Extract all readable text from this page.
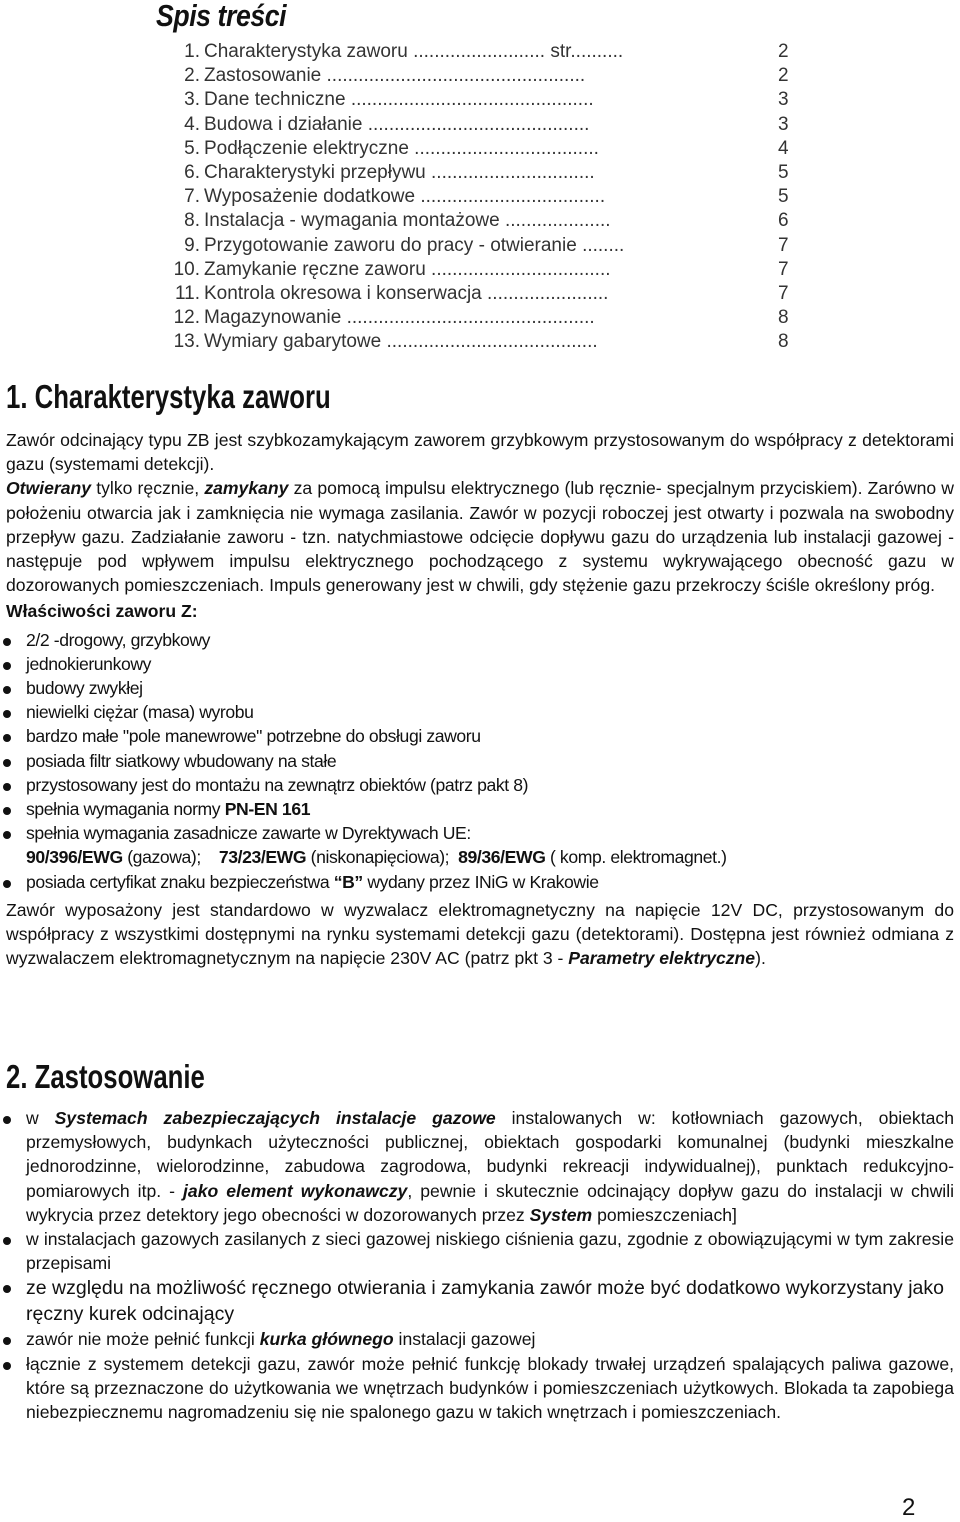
Spis treści
1. Charakterystyka zaworu ......................... str..........	2
2. Zastosowanie .................................................	2
3. Dane techniczne ..............................................	3
4. Budowa i działanie ..........................................	3
5. Podłączenie elektryczne ...................................	4
6. Charakterystyki przepływu ...............................	5
7. Wyposażenie dodatkowe ...................................	5
8. Instalacja - wymagania montażowe ....................	6
9. Przygotowanie zaworu do pracy - otwieranie ........	7
10. Zamykanie ręczne zaworu ..................................	7
11. Kontrola okresowa i konserwacja .......................	7
12. Magazynowanie ...............................................	8
13. Wymiary gabarytowe ........................................	8
1. Charakterystyka zaworu

Zawór odcinający typu ZB jest szybkozamykającym zaworem grzybkowym przystosowanym do współpracy z detektorami gazu (systemami detekcji).

Otwierany tylko ręcznie, zamykany za pomocą impulsu elektrycznego (lub ręcznie- specjalnym przyciskiem). Zarówno w położeniu otwarcia jak i zamknięcia nie wymaga zasilania. Zawór w pozycji roboczej jest otwarty i pozwala na swobodny przepływ gazu. Zadziałanie zaworu - tzn. natychmiastowe odcięcie dopływu gazu do urządzenia lub instalacji gazowej - następuje pod wpływem impulsu elektrycznego pochodzącego z systemu wykrywającego obecność gazu w dozorowanych pomieszczeniach. Impuls generowany jest w chwili, gdy stężenie gazu przekroczy ściśle określony próg.

Właściwości zaworu Z:

2/2 -drogowy, grzybkowy
jednokierunkowy
budowy zwykłej
niewielki ciężar (masa) wyrobu
bardzo małe "pole manewrowe" potrzebne do obsługi zaworu
posiada filtr siatkowy wbudowany na stałe
przystosowany jest do montażu na zewnątrz obiektów (patrz pakt 8)
spełnia wymagania normy PN-EN 161
spełnia wymagania zasadnicze zawarte w Dyrektywach UE:

90/396/EWG (gazowa); 73/23/EWG (niskonapięciowa); 89/36/EWG ( komp. elektromagnet.)

posiada certyfikat znaku bezpieczeństwa “B” wydany przez INiG w Krakowie

Zawór wyposażony jest standardowo w wyzwalacz elektromagnetyczny na napięcie 12V DC, przystosowanym do współpracy z wszystkimi dostępnymi na rynku systemami detekcji gazu (detektorami). Dostępna jest również odmiana z wyzwalaczem elektromagnetycznym na napięcie 230V AC (patrz pkt 3 - Parametry elektryczne).

2. Zastosowanie
w Systemach zabezpieczających instalacje gazowe instalowanych w: kotłowniach gazowych, obiektach przemysłowych, budynkach użyteczności publicznej, obiektach gospodarki komunalnej (budynki mieszkalne jednorodzinne, wielorodzinne, zabudowa zagrodowa, budynki rekreacji indywidualnej), punktach redukcyjno-pomiarowych itp. - jako element wykonawczy, pewnie i skutecznie odcinający dopływ gazu do instalacji w chwili wykrycia przez detektory jego obecności w dozorowanych przez System pomieszczeniach]
w instalacjach gazowych zasilanych z sieci gazowej niskiego ciśnienia gazu, zgodnie z obowiązującymi w tym zakresie przepisami
ze względu na możliwość ręcznego otwierania i zamykania zawór może być dodatkowo wykorzystany jako ręczny kurek odcinający
zawór nie może pełnić funkcji kurka głównego instalacji gazowej
łącznie z systemem detekcji gazu, zawór może pełnić funkcję blokady trwałej urządzeń spalających paliwa gazowe, które są przeznaczone do użytkowania we wnętrzach budynków i pomieszczeniach użytkowych. Blokada ta zapobiega niebezpiecznemu nagromadzeniu się nie spalonego gazu w takich wnętrzach i pomieszczeniach.
2
